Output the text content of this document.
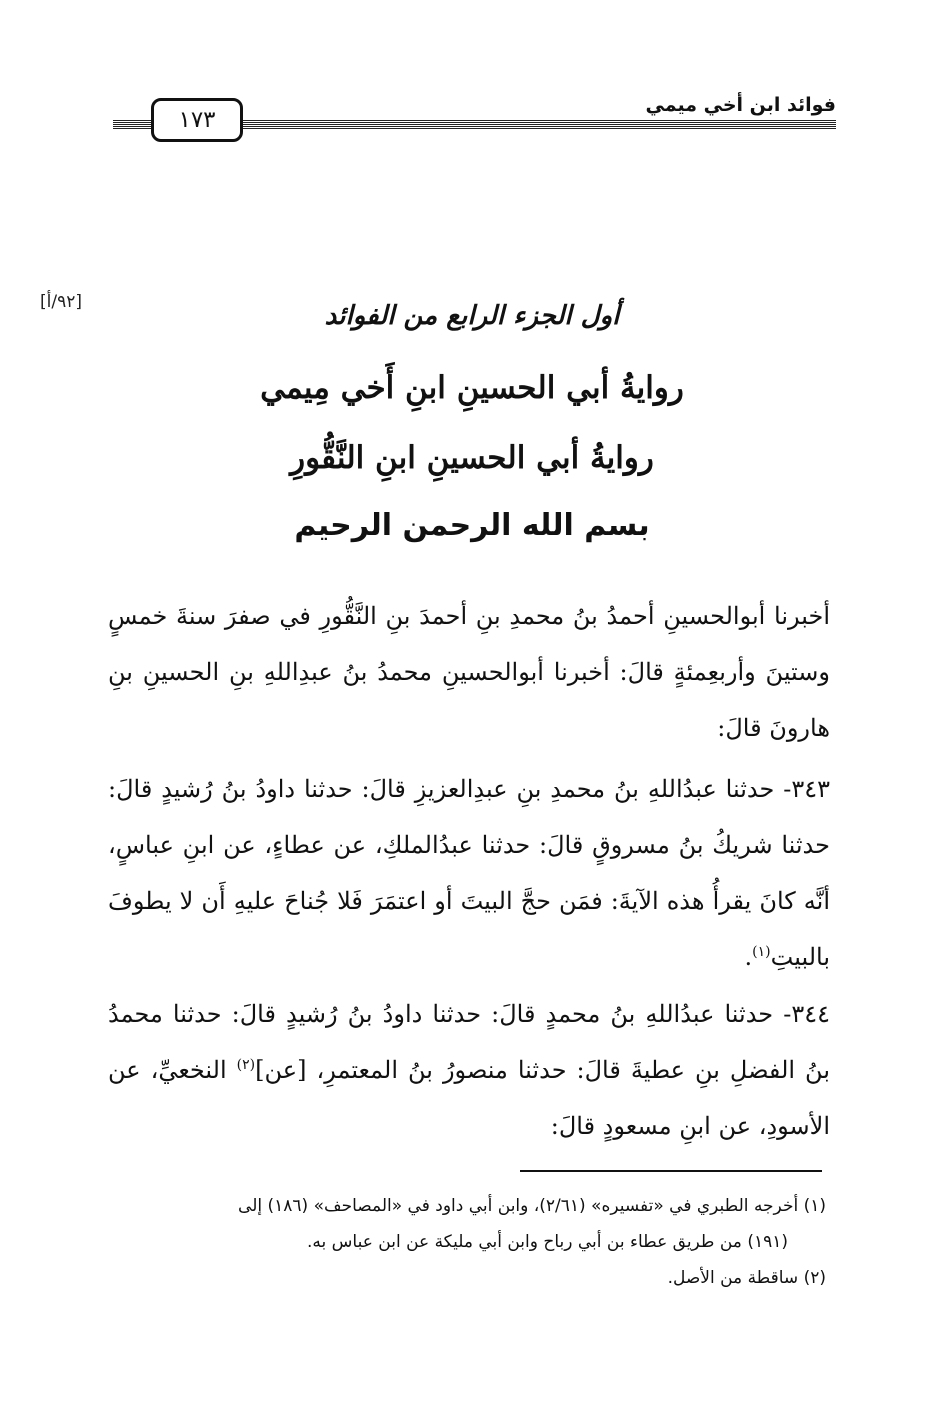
فوائد ابن أخي ميمي
١٧٣
[٩٢/أ]	أول الجزء الرابع من الفوائد
روايةُ أبي الحسينِ ابنِ أَخي مِيمي
روايةُ أبي الحسينِ ابنِ النَّقُّورِ
بسم الله الرحمن الرحيم

أخبرنا أبوالحسينِ أحمدُ بنُ محمدِ بنِ أحمدَ بنِ النَّقُّورِ في صفرَ سنةَ خمسٍ وستينَ وأربعِمئةٍ قالَ: أخبرنا أبوالحسينِ محمدُ بنُ عبدِاللهِ بنِ الحسينِ بنِ هارونَ قالَ:

٣٤٣- حدثنا عبدُاللهِ بنُ محمدِ بنِ عبدِالعزيزِ قالَ: حدثنا داودُ بنُ رُشيدٍ قالَ: حدثنا شريكُ بنُ مسروقٍ قالَ: حدثنا عبدُالملكِ، عن عطاءٍ، عن ابنِ عباسٍ، أنَّه كانَ يقرأُ هذه الآيةَ: فمَن حجَّ البيتَ أو اعتمَرَ فَلا جُناحَ عليهِ أَن لا يطوفَ بالبيتِ$^{(١)}$.

٣٤٤- حدثنا عبدُاللهِ بنُ محمدٍ قالَ: حدثنا داودُ بنُ رُشيدٍ قالَ: حدثنا محمدُ بنُ الفضلِ بنِ عطيةَ قالَ: حدثنا منصورُ بنُ المعتمرِ، [عن]$^{(٢)}$ النخعيِّ، عن الأسودِ، عن ابنِ مسعودٍ قالَ:

(١) أخرجه الطبري في «تفسيره» (٢/٦١)، وابن أبي داود في «المصاحف» (١٨٦) إلى

(١٩١) من طريق عطاء بن أبي رباح وابن أبي مليكة عن ابن عباس به.

(٢) ساقطة من الأصل.
